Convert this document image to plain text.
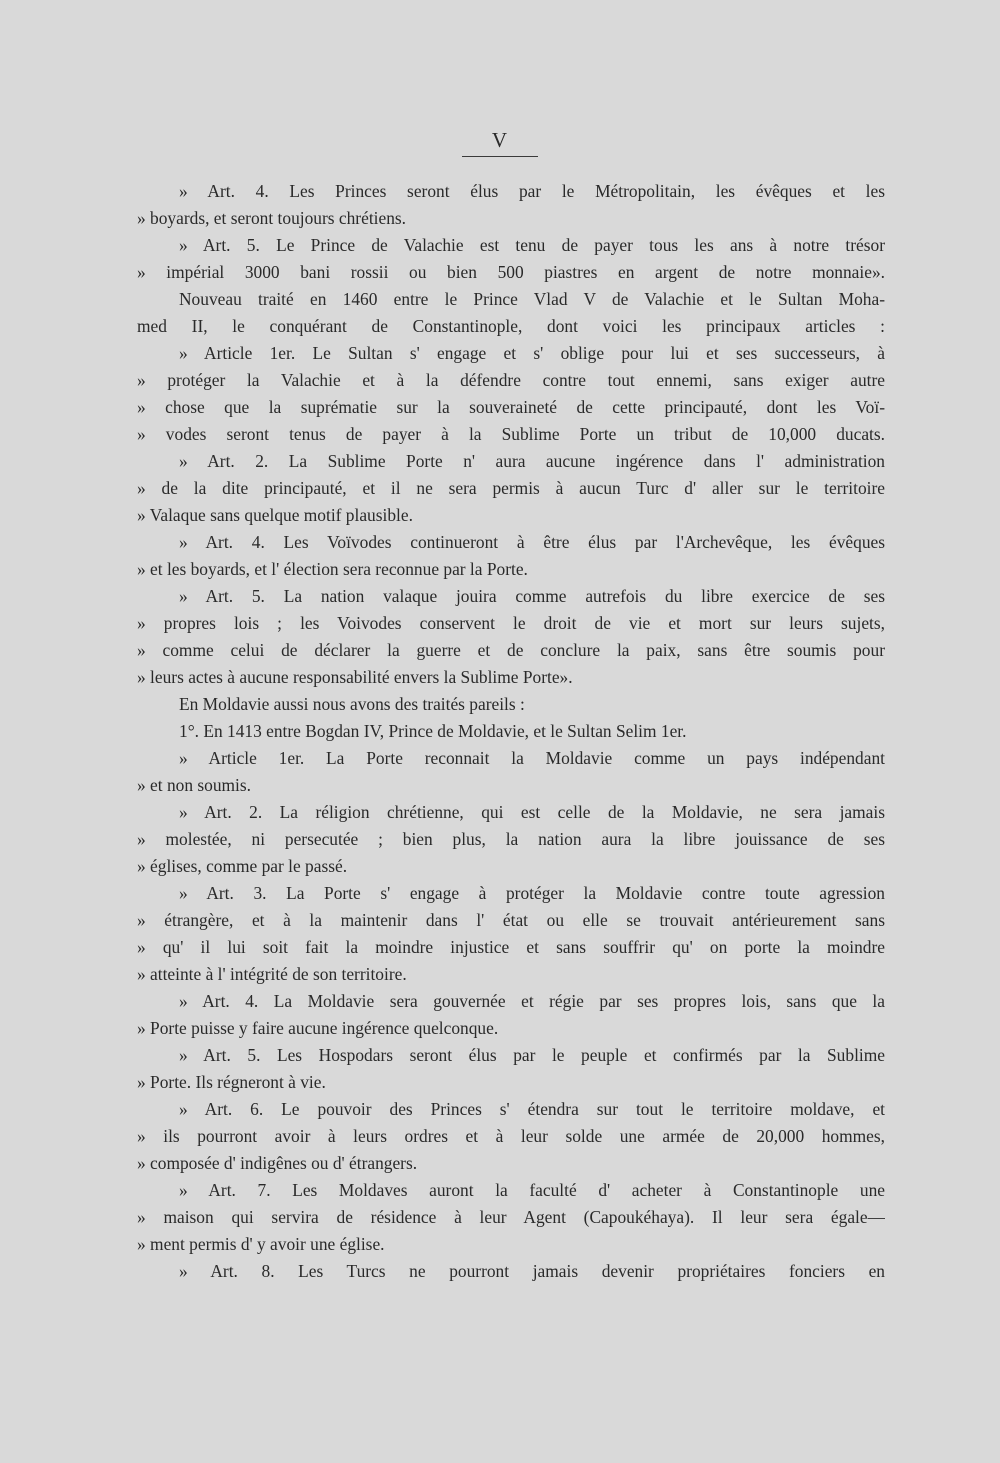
V
» Art. 4. Les Princes seront élus par le Métropolitain, les évêques et les
» boyards, et seront toujours chrétiens.
» Art. 5. Le Prince de Valachie est tenu de payer tous les ans à notre trésor
» impérial 3000 bani rossii ou bien 500 piastres en argent de notre monnaie».
Nouveau traité en 1460 entre le Prince Vlad V de Valachie et le Sultan Moha-
med II, le conquérant de Constantinople, dont voici les principaux articles :
» Article 1er. Le Sultan s' engage et s' oblige pour lui et ses successeurs, à
» protéger la Valachie et à la défendre contre tout ennemi, sans exiger autre
» chose que la suprématie sur la souveraineté de cette principauté, dont les Voï-
» vodes seront tenus de payer à la Sublime Porte un tribut de 10,000 ducats.
» Art. 2. La Sublime Porte n' aura aucune ingérence dans l' administration
» de la dite principauté, et il ne sera permis à aucun Turc d' aller sur le territoire
» Valaque sans quelque motif plausible.
» Art. 4. Les Voïvodes continueront à être élus par l'Archevêque, les évêques
» et les boyards, et l' élection sera reconnue par la Porte.
» Art. 5. La nation valaque jouira comme autrefois du libre exercice de ses
» propres lois ; les Voivodes conservent le droit de vie et mort sur leurs sujets,
» comme celui de déclarer la guerre et de conclure la paix, sans être soumis pour
» leurs actes à aucune responsabilité envers la Sublime Porte».
En Moldavie aussi nous avons des traités pareils :
1°. En 1413 entre Bogdan IV, Prince de Moldavie, et le Sultan Selim 1er.
» Article 1er. La Porte reconnait la Moldavie comme un pays indépendant
» et non soumis.
» Art. 2. La réligion chrétienne, qui est celle de la Moldavie, ne sera jamais
» molestée, ni persecutée ; bien plus, la nation aura la libre jouissance de ses
» églises, comme par le passé.
» Art. 3. La Porte s' engage à protéger la Moldavie contre toute agression
» étrangère, et à la maintenir dans l' état ou elle se trouvait antérieurement sans
» qu' il lui soit fait la moindre injustice et sans souffrir qu' on porte la moindre
» atteinte à l' intégrité de son territoire.
» Art. 4. La Moldavie sera gouvernée et régie par ses propres lois, sans que la
» Porte puisse y faire aucune ingérence quelconque.
» Art. 5. Les Hospodars seront élus par le peuple et confirmés par la Sublime
» Porte. Ils régneront à vie.
» Art. 6. Le pouvoir des Princes s' étendra sur tout le territoire moldave, et
» ils pourront avoir à leurs ordres et à leur solde une armée de 20,000 hommes,
» composée d' indigênes ou d' étrangers.
» Art. 7. Les Moldaves auront la faculté d' acheter à Constantinople une
» maison qui servira de résidence à leur Agent (Capoukéhaya). Il leur sera égale—
» ment permis d' y avoir une église.
» Art. 8. Les Turcs ne pourront jamais devenir propriétaires fonciers en
